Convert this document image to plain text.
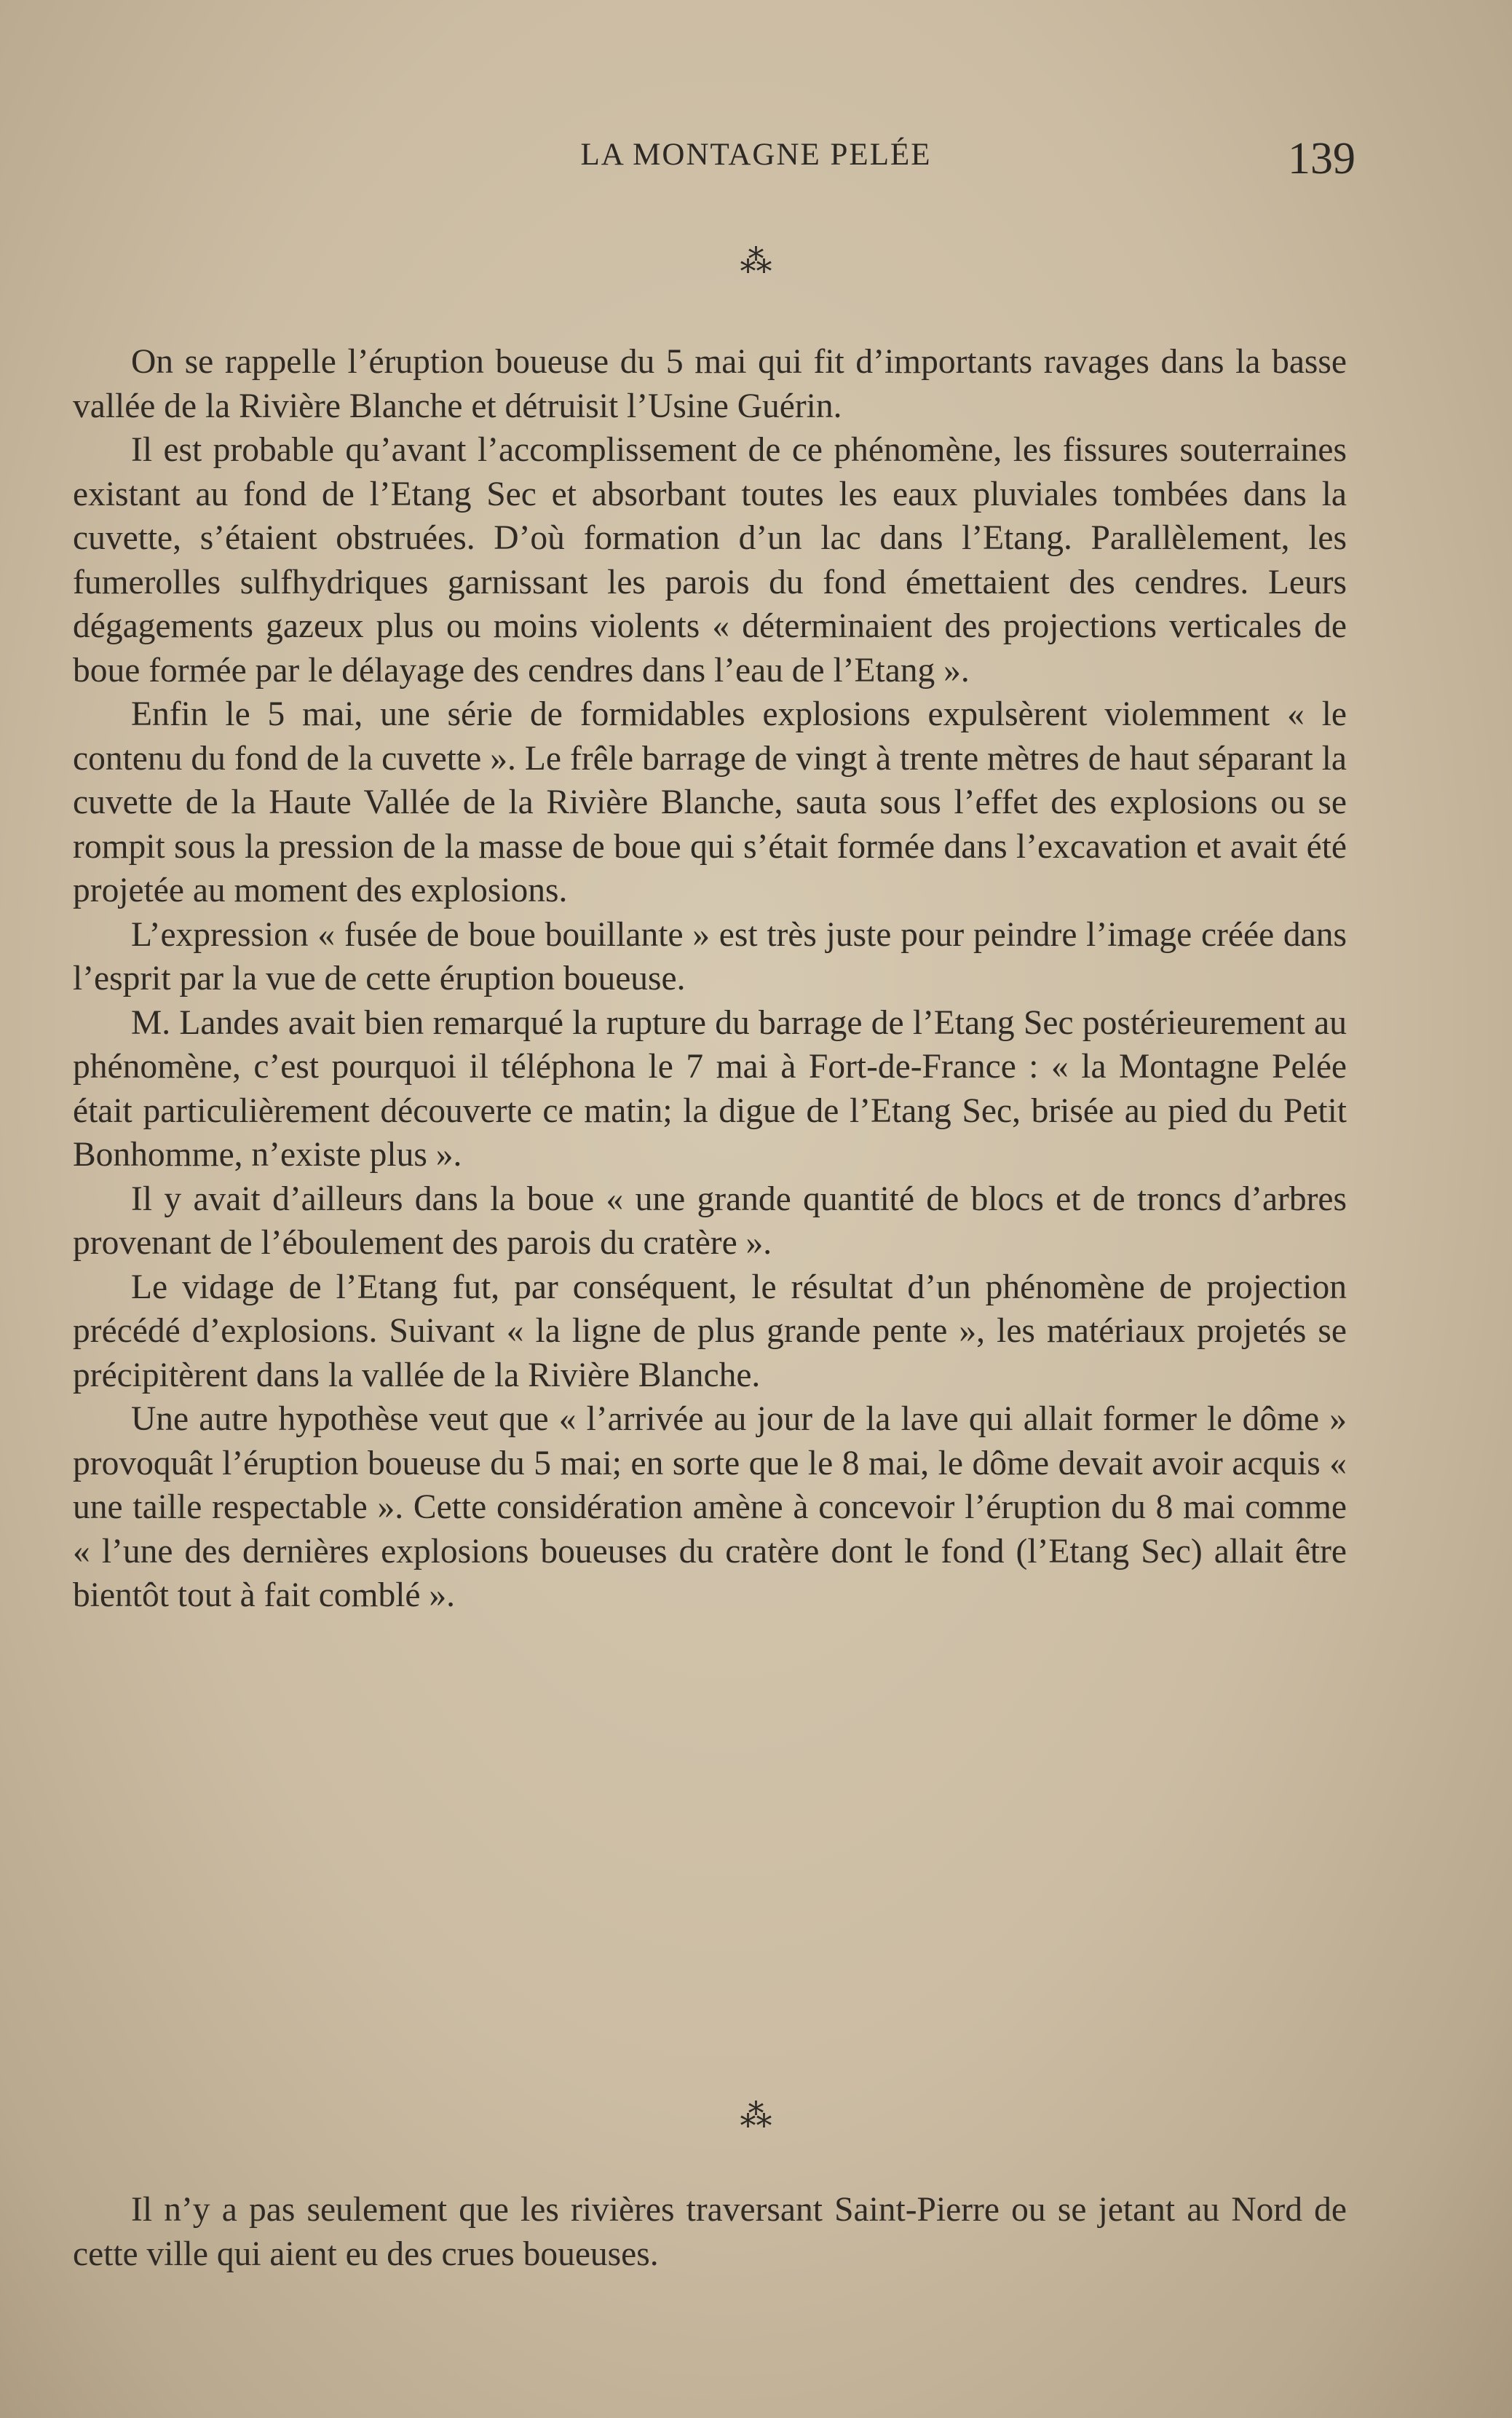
LA MONTAGNE PELÉE	139
⁂

On se rappelle l’éruption boueuse du 5 mai qui fit d’importants ravages dans la basse vallée de la Rivière Blanche et détruisit l’Usine Guérin.

Il est probable qu’avant l’accomplissement de ce phénomène, les fissures souterraines existant au fond de l’Etang Sec et absorbant toutes les eaux pluviales tombées dans la cuvette, s’étaient obstruées. D’où formation d’un lac dans l’Etang. Parallèlement, les fumerolles sulfhydriques garnissant les parois du fond émettaient des cendres. Leurs dégagements gazeux plus ou moins violents « déterminaient des projections verticales de boue formée par le délayage des cendres dans l’eau de l’Etang ».

Enfin le 5 mai, une série de formidables explosions expulsèrent violemment « le contenu du fond de la cuvette ». Le frêle barrage de vingt à trente mètres de haut séparant la cuvette de la Haute Vallée de la Rivière Blanche, sauta sous l’effet des explosions ou se rompit sous la pression de la masse de boue qui s’était formée dans l’excavation et avait été projetée au moment des explosions.

L’expression « fusée de boue bouillante » est très juste pour peindre l’image créée dans l’esprit par la vue de cette éruption boueuse.

M. Landes avait bien remarqué la rupture du barrage de l’Etang Sec postérieurement au phénomène, c’est pourquoi il téléphona le 7 mai à Fort-de-France : « la Montagne Pelée était particulièrement découverte ce matin; la digue de l’Etang Sec, brisée au pied du Petit Bonhomme, n’existe plus ».

Il y avait d’ailleurs dans la boue « une grande quantité de blocs et de troncs d’arbres provenant de l’éboulement des parois du cratère ».

Le vidage de l’Etang fut, par conséquent, le résultat d’un phénomène de projection précédé d’explosions. Suivant « la ligne de plus grande pente », les matériaux projetés se précipitèrent dans la vallée de la Rivière Blanche.

Une autre hypothèse veut que « l’arrivée au jour de la lave qui allait former le dôme » provoquât l’éruption boueuse du 5 mai; en sorte que le 8 mai, le dôme devait avoir acquis « une taille respectable ». Cette considération amène à concevoir l’éruption du 8 mai comme « l’une des dernières explosions boueuses du cratère dont le fond (l’Etang Sec) allait être bientôt tout à fait comblé ».

⁂

Il n’y a pas seulement que les rivières traversant Saint-Pierre ou se jetant au Nord de cette ville qui aient eu des crues boueuses.
